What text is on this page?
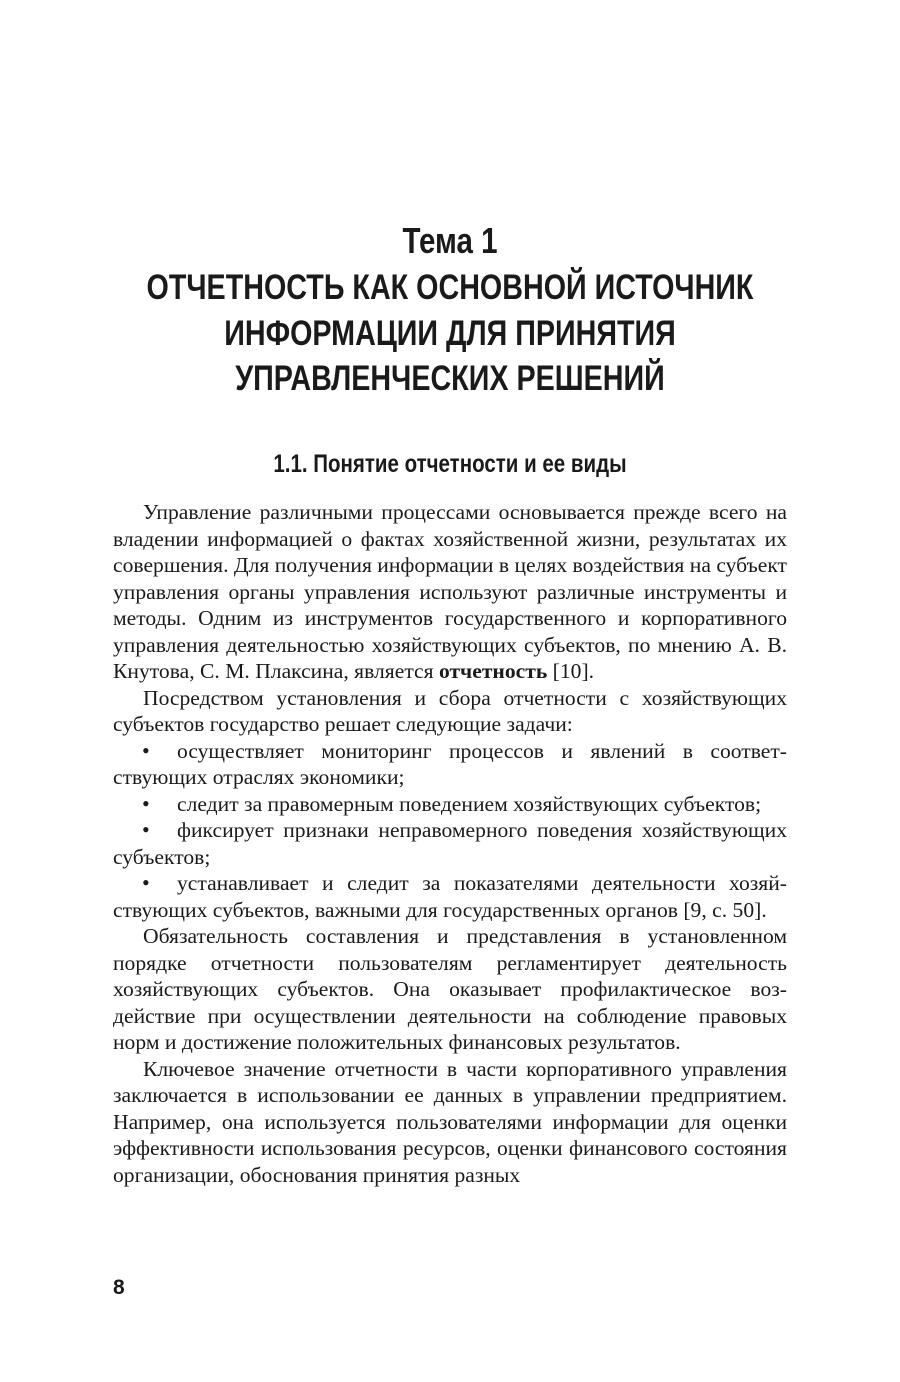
Тема 1
ОТЧЕТНОСТЬ КАК ОСНОВНОЙ ИСТОЧНИК
ИНФОРМАЦИИ ДЛЯ ПРИНЯТИЯ
УПРАВЛЕНЧЕСКИХ РЕШЕНИЙ
1.1. Понятие отчетности и ее виды

Управление различными процессами основывается прежде всего на владении информацией о фактах хозяйственной жизни, результатах их совершения. Для получения информации в целях воздействия на субъект управления органы управления используют различные инструменты и методы. Одним из инструментов государственного и корпоративного управления деятельностью хозяйствующих субъектов, по мнению А. В. Кнутова, С. М. Плаксина, является отчетность [10].

Посредством установления и сбора отчетности с хозяйствующих субъектов государство решает следующие задачи:

• осуществляет мониторинг процессов и явлений в соответствующих отраслях экономики;
• следит за правомерным поведением хозяйствующих субъектов;
• фиксирует признаки неправомерного поведения хозяйствующих субъектов;
• устанавливает и следит за показателями деятельности хозяйствующих субъектов, важными для государственных органов [9, с. 50].

Обязательность составления и представления в установленном порядке отчетности пользователям регламентирует деятельность хозяйствующих субъектов. Она оказывает профилактическое воздействие при осуществлении деятельности на соблюдение правовых норм и достижение положительных финансовых результатов.

Ключевое значение отчетности в части корпоративного управления заключается в использовании ее данных в управлении предприятием. Например, она используется пользователями информации для оценки эффективности использования ресурсов, оценки финансового состояния организации, обоснования принятия разных

8
